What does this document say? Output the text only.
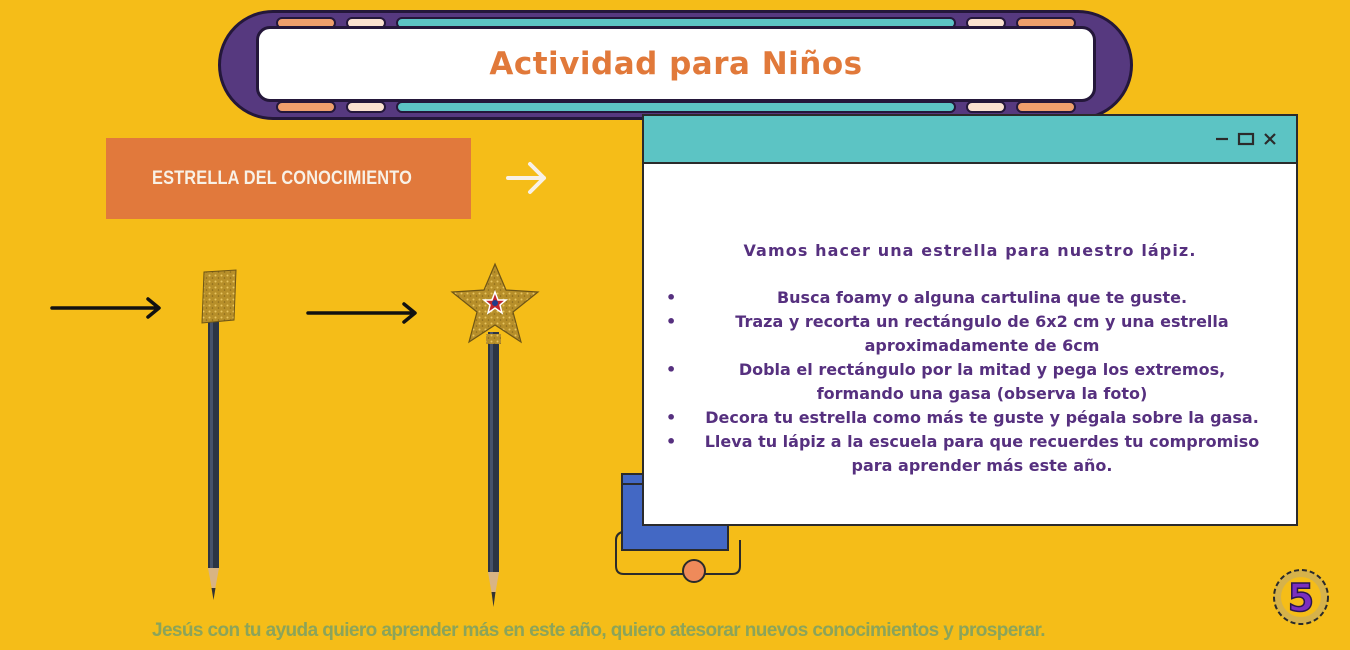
Actividad para Niños
ESTRELLA DEL CONOCIMIENTO

Vamos hacer una estrella para nuestro lápiz.

•	Busca foamy o alguna cartulina que te guste.
•	Traza y recorta un rectángulo de 6x2 cm y una estrella aproximadamente de 6cm
•	Dobla el rectángulo por la mitad y pega los extremos, formando una gasa (observa la foto)
• Decora tu estrella como más te guste y pégala sobre la gasa.
• Lleva tu lápiz a la escuela para que recuerdes tu compromiso para aprender más este año.

Jesús con tu ayuda quiero aprender más en este año, quiero atesorar nuevos conocimientos y prosperar.

5
